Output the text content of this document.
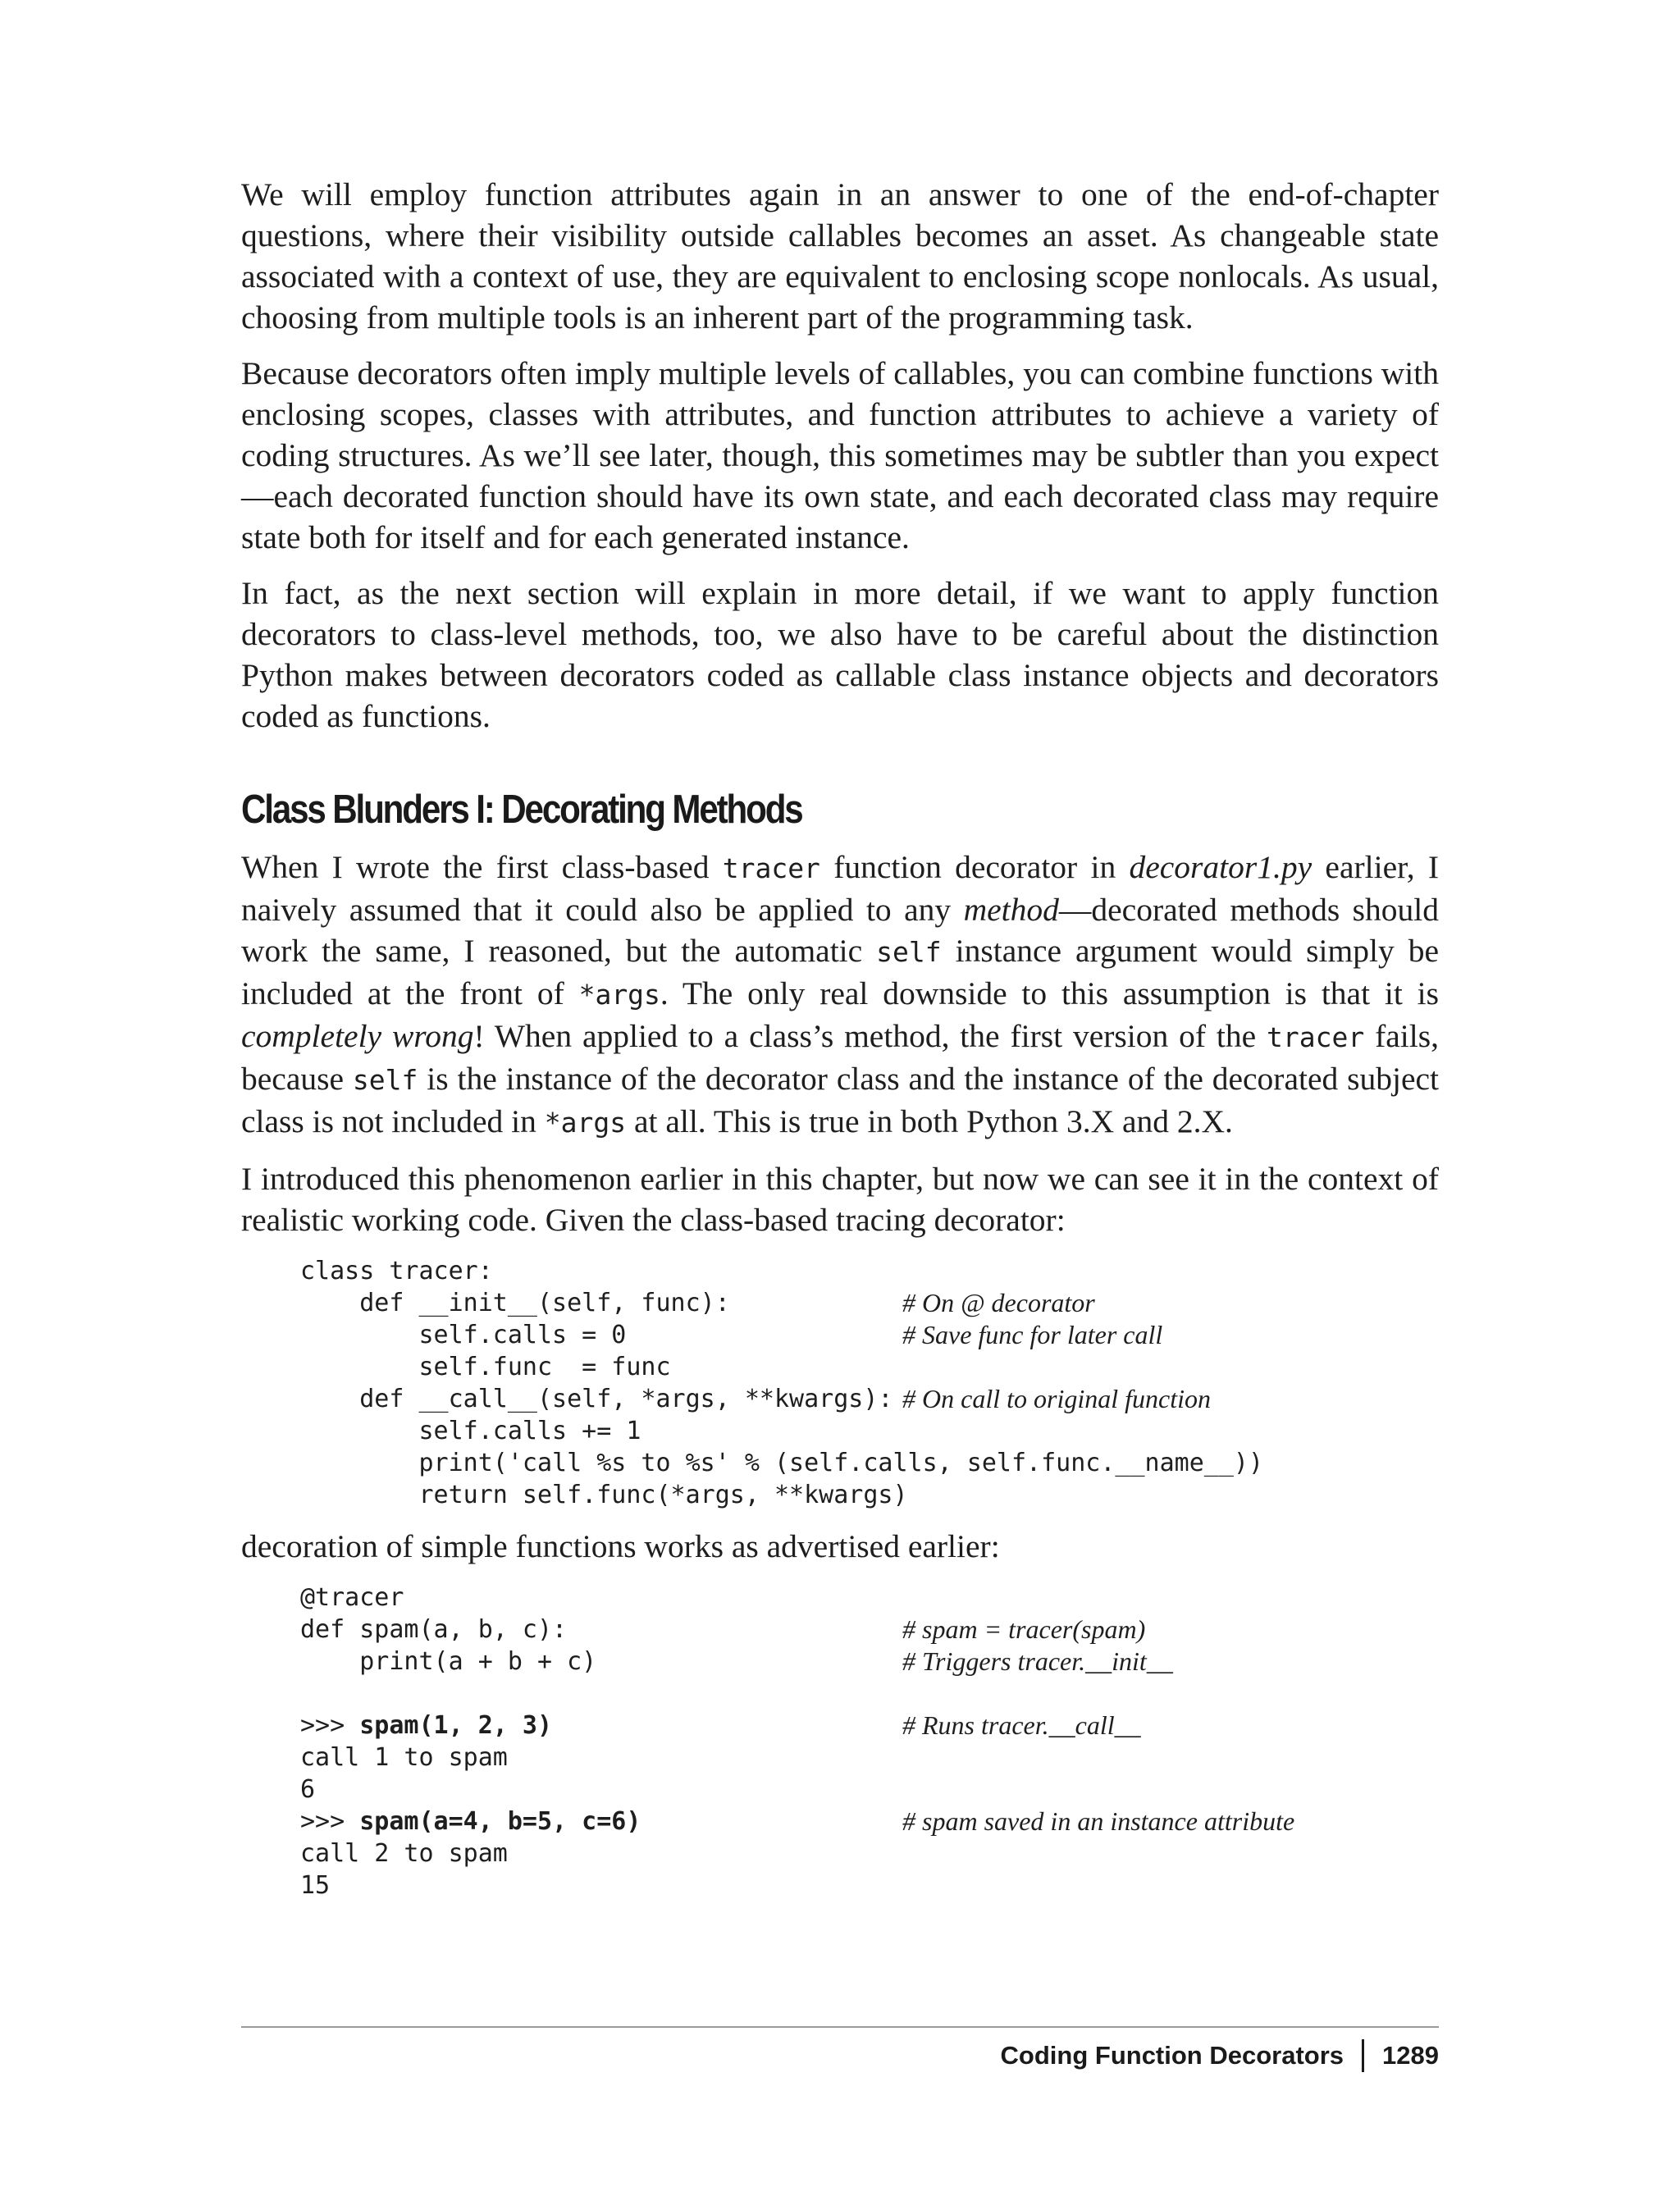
We will employ function attributes again in an answer to one of the end-of-chapter questions, where their visibility outside callables becomes an asset. As changeable state associated with a context of use, they are equivalent to enclosing scope nonlocals. As usual, choosing from multiple tools is an inherent part of the programming task.

Because decorators often imply multiple levels of callables, you can combine functions with enclosing scopes, classes with attributes, and function attributes to achieve a variety of coding structures. As we’ll see later, though, this sometimes may be subtler than you expect—each decorated function should have its own state, and each decorated class may require state both for itself and for each generated instance.

In fact, as the next section will explain in more detail, if we want to apply function decorators to class-level methods, too, we also have to be careful about the distinction Python makes between decorators coded as callable class instance objects and decorators coded as functions.

Class Blunders I: Decorating Methods

When I wrote the first class-based tracer function decorator in decorator1.py earlier, I naively assumed that it could also be applied to any method—decorated methods should work the same, I reasoned, but the automatic self instance argument would simply be included at the front of *args. The only real downside to this assumption is that it is completely wrong! When applied to a class’s method, the first version of the tracer fails, because self is the instance of the decorator class and the instance of the decorated subject class is not included in *args at all. This is true in both Python 3.X and 2.X.

I introduced this phenomenon earlier in this chapter, but now we can see it in the context of realistic working code. Given the class-based tracing decorator:

class tracer:
def __init__(self, func):	# On @ decorator
self.calls = 0	# Save func for later call
self.func  = func
def __call__(self, *args, **kwargs): # On call to original function
self.calls += 1
print('call %s to %s' % (self.calls, self.func.__name__))
return self.func(*args, **kwargs)

decoration of simple functions works as advertised earlier:

@tracer
def spam(a, b, c):	# spam = tracer(spam)
print(a + b + c)	# Triggers tracer.__init__
>>> spam(1, 2, 3)	# Runs tracer.__call__
call 1 to spam
6
>>> spam(a=4, b=5, c=6)	# spam saved in an instance attribute
call 2 to spam
15
Coding Function Decorators 1289
